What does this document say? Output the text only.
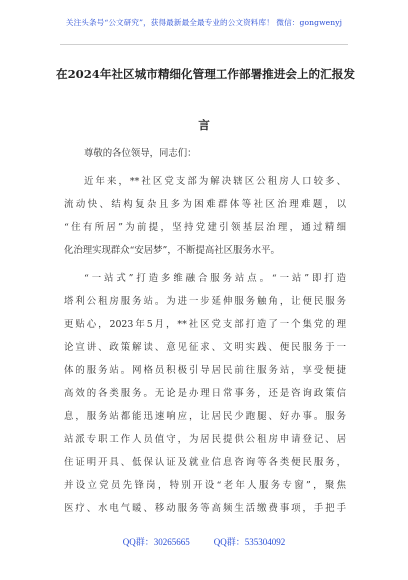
关注头条号“公文研究”，获得最新最全最专业的公文资料库！ 微信：gongwenyj
在2024年社区城市精细化管理工作部署推进会上的汇报发
言
尊敬的各位领导，同志们：
近年来，**社区党支部为解决辖区公租房人口较多、
流动快、结构复杂且多为困难群体等社区治理难题，以
“住有所居”为前提，坚持党建引领基层治理，通过精细
化治理实现群众“安居梦”，不断提高社区服务水平。
“一站式”打造多维融合服务站点。“一站”即打造
塔利公租房服务站。为进一步延伸服务触角，让便民服务
更贴心，2023年5月，**社区党支部打造了一个集党的理
论宣讲、政策解读、意见征求、文明实践、便民服务于一
体的服务站。网格员积极引导居民前往服务站，享受便捷
高效的各类服务。无论是办理日常事务，还是咨询政策信
息，服务站都能迅速响应，让居民少跑腿、好办事。服务
站派专职工作人员值守，为居民提供公租房申请登记、居
住证明开具、低保认证及就业信息咨询等各类便民服务，
并设立党员先锋岗，特别开设“老年人服务专窗”，聚焦
医疗、水电气暖、移动服务等高频生活缴费事项，手把手
QQ群：30265665	QQ群：535304092
